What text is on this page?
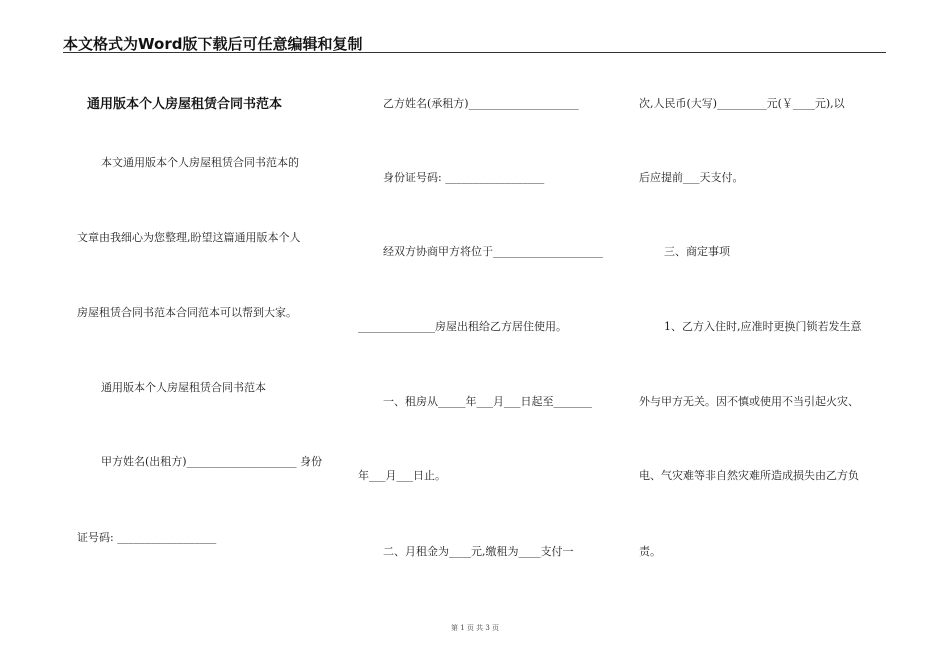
本文格式为Word版下载后可任意编辑和复制
通用版本个人房屋租赁合同书范本
本文通用版本个人房屋租赁合同书范本的
文章由我细心为您整理,盼望这篇通用版本个人
房屋租赁合同书范本合同范本可以帮到大家。
通用版本个人房屋租赁合同书范本
甲方姓名(出租方)____________________ 身份
证号码: __________________
乙方姓名(承租方)____________________
身份证号码: __________________
经双方协商甲方将位于____________________
______________房屋出租给乙方居住使用。
一、租房从_____年___月___日起至_______
年___月___日止。
二、月租金为____元,缴租为____支付一
次,人民币(大写)_________元(￥____元),以
后应提前___天支付。
三、商定事项
1、乙方入住时,应准时更换门锁若发生意
外与甲方无关。因不慎或使用不当引起火灾、
电、气灾难等非自然灾难所造成损失由乙方负
责。
第 1 页 共 3 页
